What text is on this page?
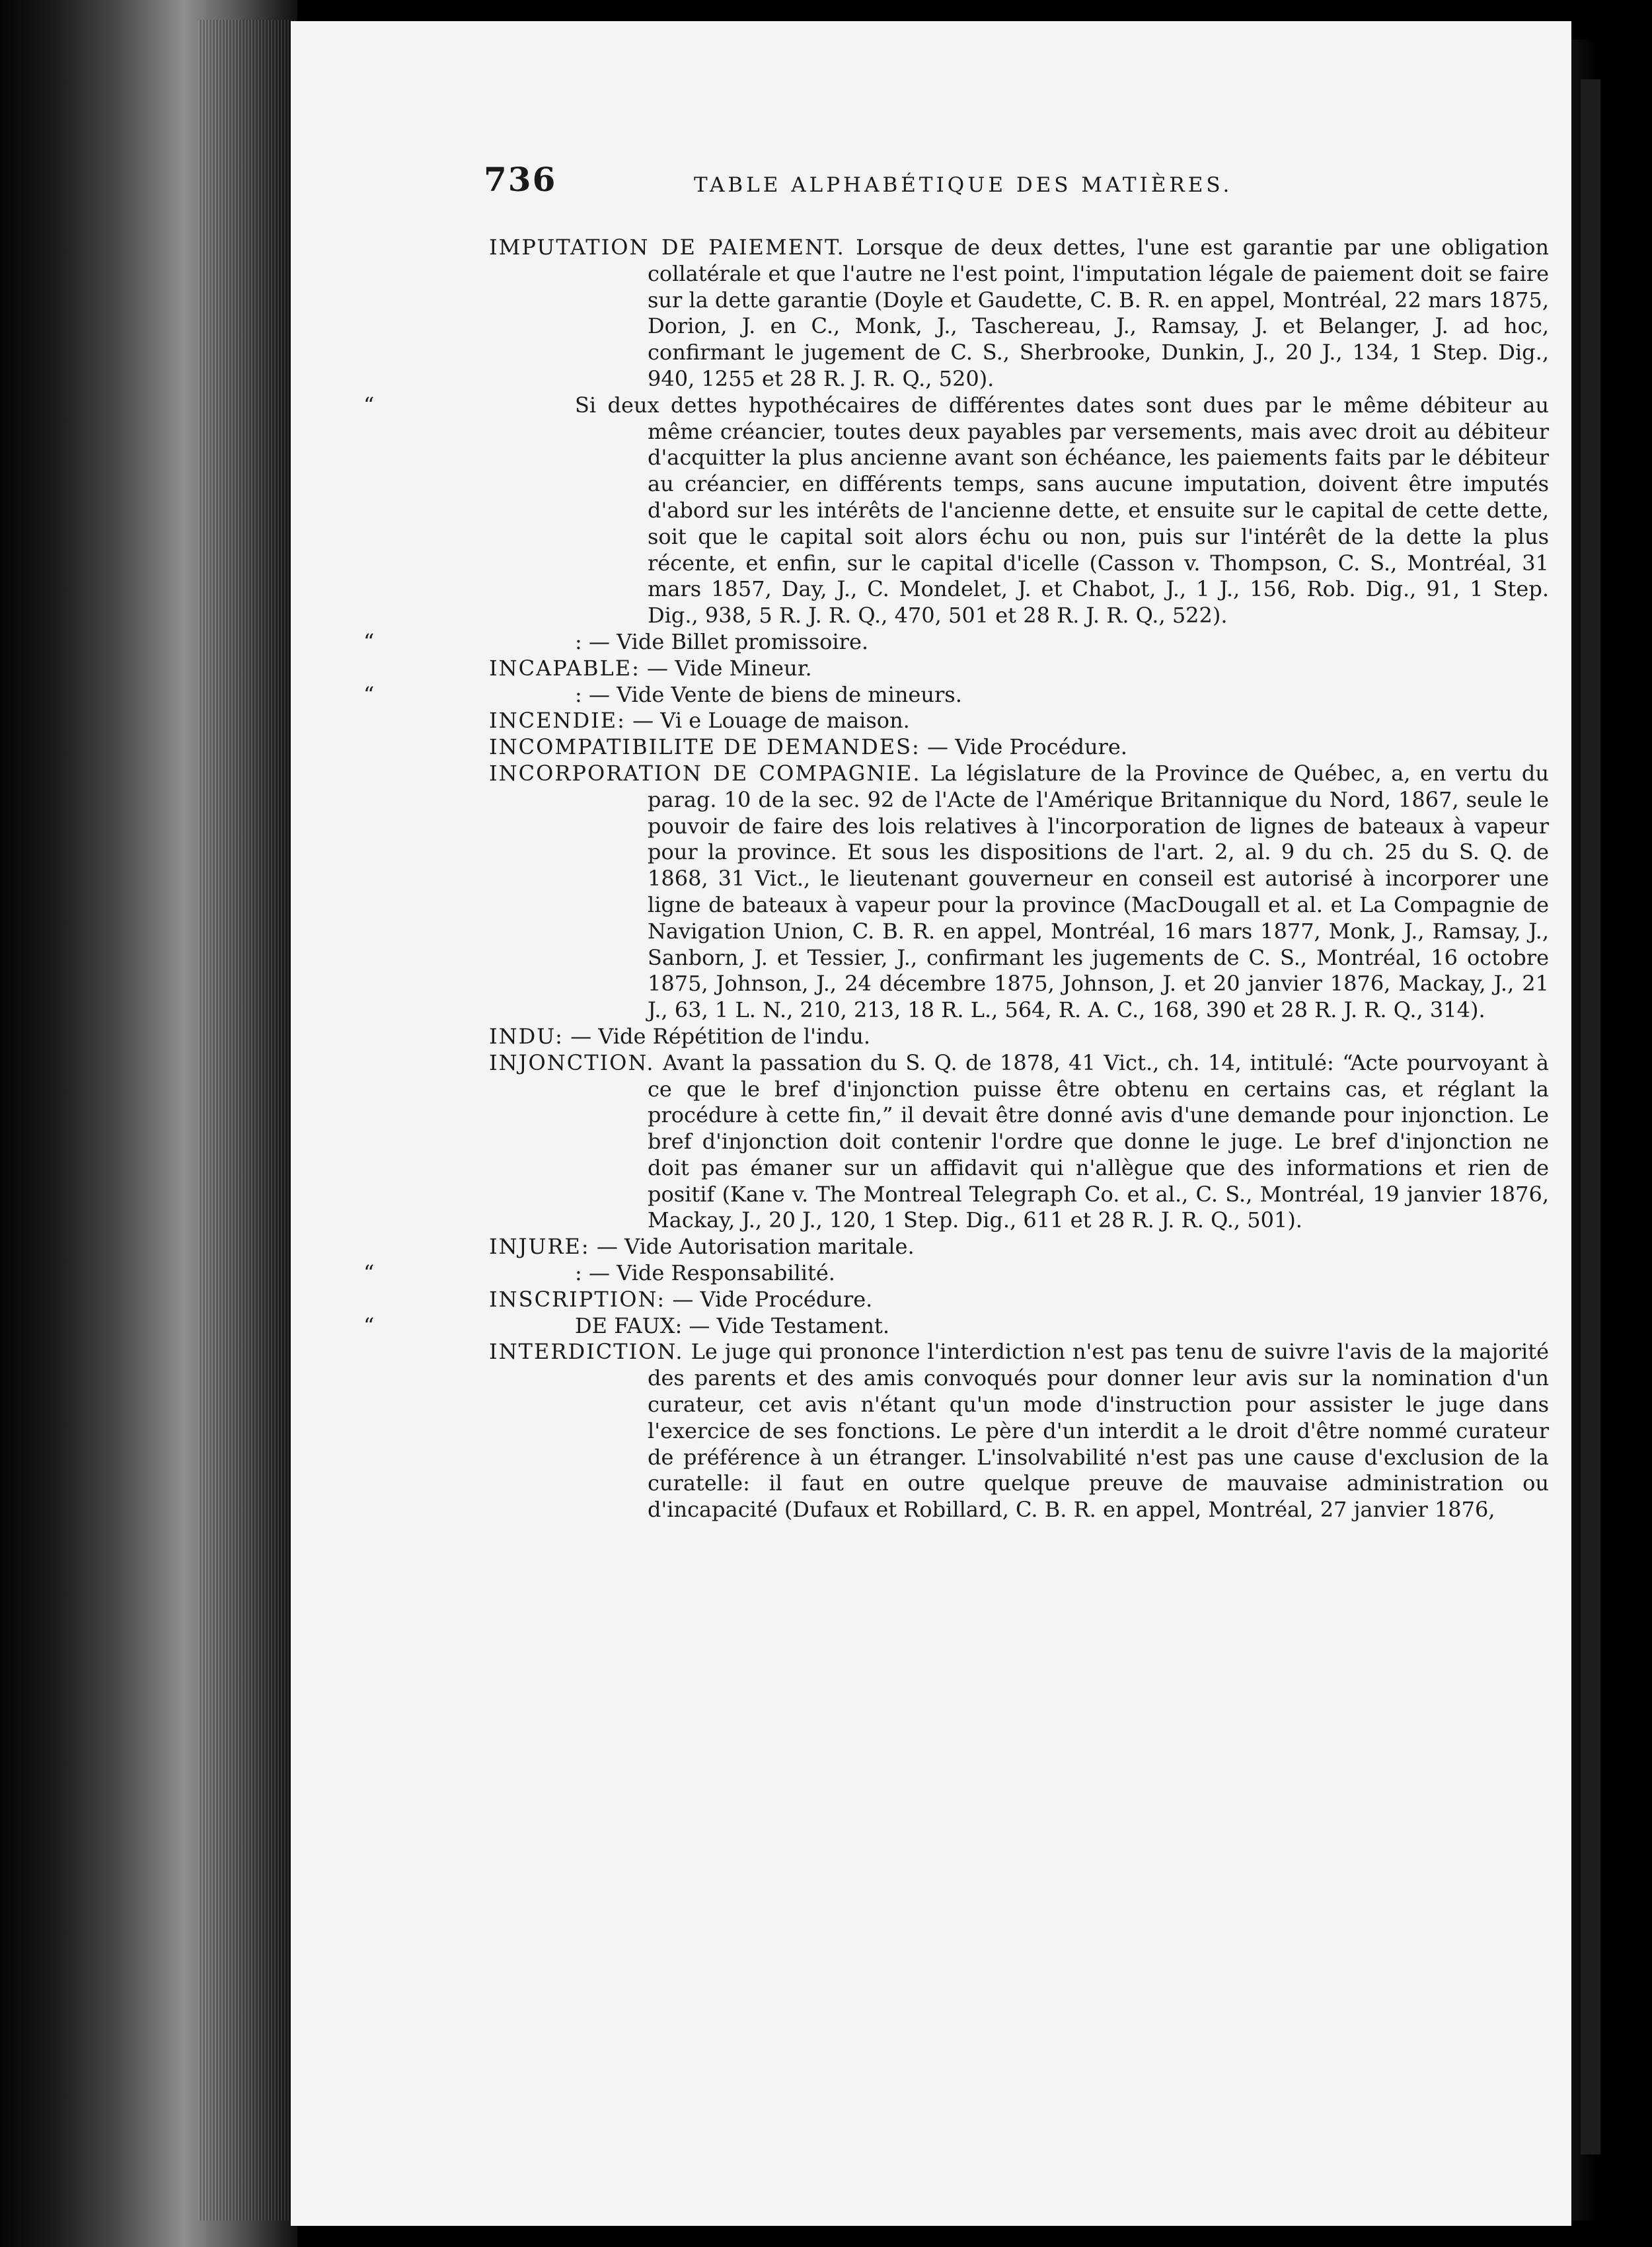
736	TABLE ALPHABÉTIQUE DES MATIÈRES.

IMPUTATION DE PAIEMENT. Lorsque de deux dettes, l'une est garantie par une obligation collatérale et que l'autre ne l'est point, l'imputation légale de paiement doit se faire sur la dette garantie (Doyle et Gaudette, C. B. R. en appel, Montréal, 22 mars 1875, Dorion, J. en C., Monk, J., Taschereau, J., Ramsay, J. et Belanger, J. ad hoc, confirmant le jugement de C. S., Sherbrooke, Dunkin, J., 20 J., 134, 1 Step. Dig., 940, 1255 et 28 R. J. R. Q., 520).

“	Si deux dettes hypothécaires de différentes dates sont dues par le même débiteur au même créancier, toutes deux payables par versements, mais avec droit au débiteur d'acquitter la plus ancienne avant son échéance, les paiements faits par le débiteur au créancier, en différents temps, sans aucune imputation, doivent être imputés d'abord sur les intérêts de l'ancienne dette, et ensuite sur le capital de cette dette, soit que le capital soit alors échu ou non, puis sur l'intérêt de la dette la plus récente, et enfin, sur le capital d'icelle (Casson v. Thompson, C. S., Montréal, 31 mars 1857, Day, J., C. Mondelet, J. et Chabot, J., 1 J., 156, Rob. Dig., 91, 1 Step. Dig., 938, 5 R. J. R. Q., 470, 501 et 28 R. J. R. Q., 522).

“	: — Vide Billet promissoire.

INCAPABLE: — Vide Mineur.

“	: — Vide Vente de biens de mineurs.

INCENDIE: — Vi e Louage de maison.

INCOMPATIBILITE DE DEMANDES: — Vide Procédure.

INCORPORATION DE COMPAGNIE. La législature de la Province de Québec, a, en vertu du parag. 10 de la sec. 92 de l'Acte de l'Amérique Britannique du Nord, 1867, seule le pouvoir de faire des lois relatives à l'incorporation de lignes de bateaux à vapeur pour la province. Et sous les dispositions de l'art. 2, al. 9 du ch. 25 du S. Q. de 1868, 31 Vict., le lieutenant gouverneur en conseil est autorisé à incorporer une ligne de bateaux à vapeur pour la province (MacDougall et al. et La Compagnie de Navigation Union, C. B. R. en appel, Montréal, 16 mars 1877, Monk, J., Ramsay, J., Sanborn, J. et Tessier, J., confirmant les jugements de C. S., Montréal, 16 octobre 1875, Johnson, J., 24 décembre 1875, Johnson, J. et 20 janvier 1876, Mackay, J., 21 J., 63, 1 L. N., 210, 213, 18 R. L., 564, R. A. C., 168, 390 et 28 R. J. R. Q., 314).

INDU: — Vide Répétition de l'indu.

INJONCTION. Avant la passation du S. Q. de 1878, 41 Vict., ch. 14, intitulé: “Acte pourvoyant à ce que le bref d'injonction puisse être obtenu en certains cas, et réglant la procédure à cette fin,” il devait être donné avis d'une demande pour injonction. Le bref d'injonction doit contenir l'ordre que donne le juge. Le bref d'injonction ne doit pas émaner sur un affidavit qui n'allègue que des informations et rien de positif (Kane v. The Montreal Telegraph Co. et al., C. S., Montréal, 19 janvier 1876, Mackay, J., 20 J., 120, 1 Step. Dig., 611 et 28 R. J. R. Q., 501).

INJURE: — Vide Autorisation maritale.

“	: — Vide Responsabilité.

INSCRIPTION: — Vide Procédure.

“	DE FAUX: — Vide Testament.

INTERDICTION. Le juge qui prononce l'interdiction n'est pas tenu de suivre l'avis de la majorité des parents et des amis convoqués pour donner leur avis sur la nomination d'un curateur, cet avis n'étant qu'un mode d'instruction pour assister le juge dans l'exercice de ses fonctions. Le père d'un interdit a le droit d'être nommé curateur de préférence à un étranger. L'insolvabilité n'est pas une cause d'exclusion de la curatelle: il faut en outre quelque preuve de mauvaise administration ou d'incapacité (Dufaux et Robillard, C. B. R. en appel, Montréal, 27 janvier 1876,
